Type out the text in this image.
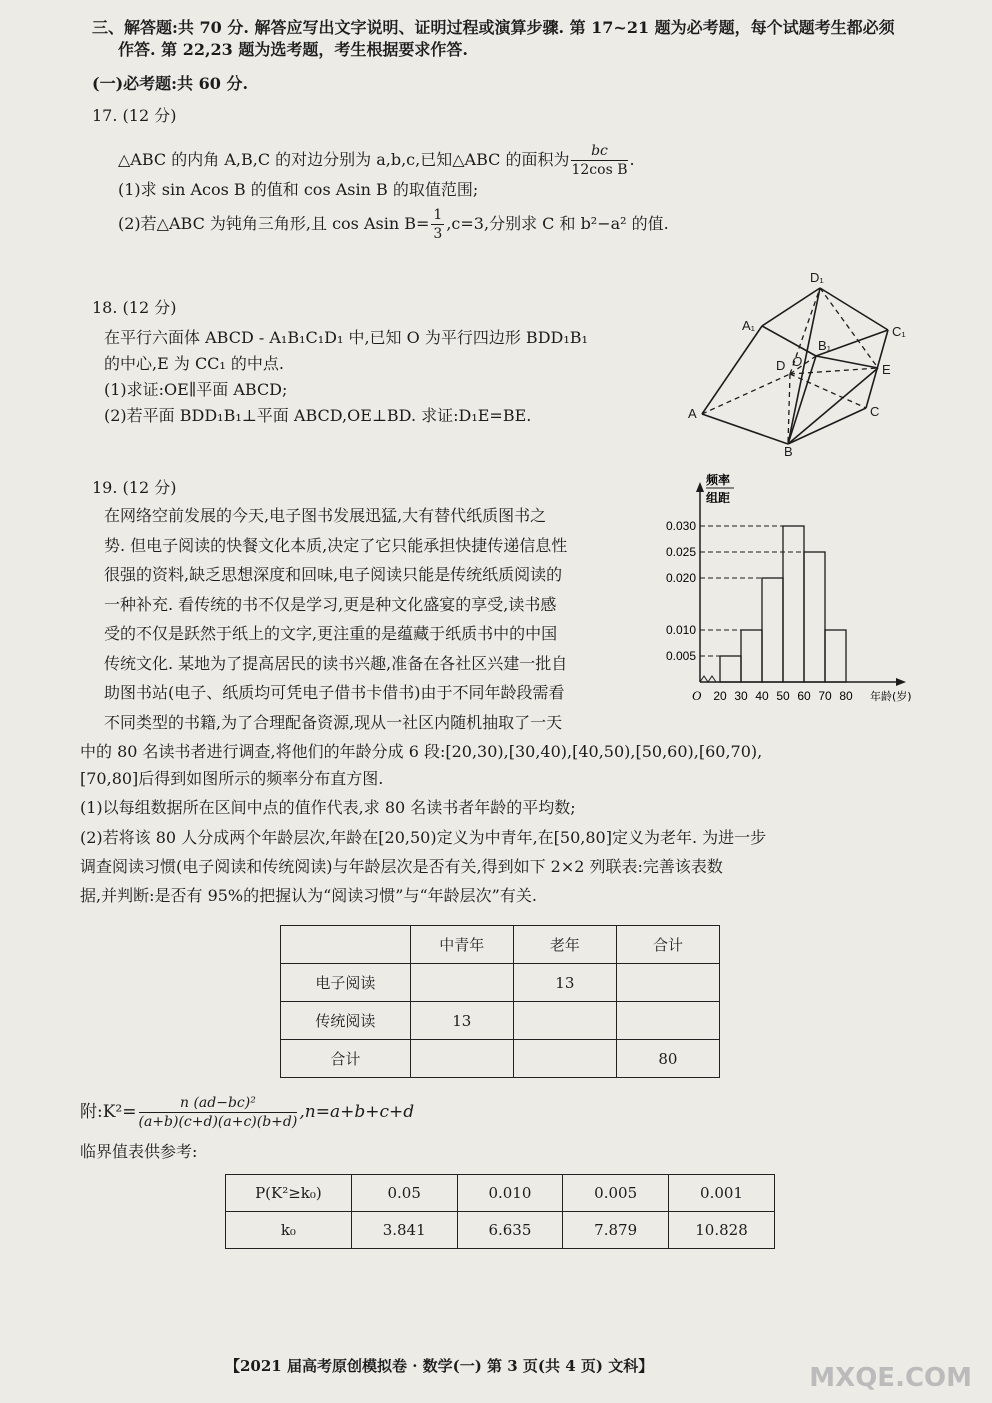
三、解答题:共 70 分. 解答应写出文字说明、证明过程或演算步骤. 第 17~21 题为必考题，每个试题考生都必须
作答. 第 22,23 题为选考题，考生根据要求作答.
(一)必考题:共 60 分.
17. (12 分)
△ABC 的内角 A,B,C 的对边分别为 a,b,c,已知△ABC 的面积为 $\frac{bc}{\text{12cos B}}$ .
(1)求 sin Acos B 的值和 cos Asin B 的取值范围;
(2)若△ABC 为钝角三角形,且 cos Asin $B= \frac{1}{3} ,c=3$,分别求 C 和 b²−a² 的值.
18. (12 分)
在平行六面体 ABCD - A₁B₁C₁D₁ 中,已知 O 为平行四边形 BDD₁B₁
的中心,E 为 CC₁ 的中点.
(1)求证:OE∥平面 ABCD;
(2)若平面 BDD₁B₁⊥平面 ABCD,OE⊥BD. 求证:D₁E=BE.
D₁
A₁	C₁
B₁
D O
E
A	C
B
19. (12 分)
在网络空前发展的今天,电子图书发展迅猛,大有替代纸质图书之
势. 但电子阅读的快餐文化本质,决定了它只能承担快捷传递信息性
很强的资料,缺乏思想深度和回味,电子阅读只能是传统纸质阅读的
一种补充. 看传统的书不仅是学习,更是种文化盛宴的享受,读书感
受的不仅是跃然于纸上的文字,更注重的是蕴藏于纸质书中的中国
传统文化. 某地为了提高居民的读书兴趣,准备在各社区兴建一批自
助图书站(电子、纸质均可凭电子借书卡借书)由于不同年龄段需看
不同类型的书籍,为了合理配备资源,现从一社区内随机抽取了一天
中的 80 名读书者进行调查,将他们的年龄分成 6 段:[20,30),[30,40),[40,50),[50,60),[60,70),
[70,80]后得到如图所示的频率分布直方图.
(1)以每组数据所在区间中点的值作代表,求 80 名读书者年龄的平均数;
(2)若将该 80 人分成两个年龄层次,年龄在[20,50)定义为中青年,在[50,80]定义为老年. 为进一步
调查阅读习惯(电子阅读和传统阅读)与年龄层次是否有关,得到如下 2×2 列联表:完善该表数
据,并判断:是否有 95%的把握认为“阅读习惯”与“年龄层次”有关.
频率
组距
0.005
0.010
0.020
0.025
0.030
20 30 40 50 60 70 80
O	年龄(岁)
	中青年	老年	合计
电子阅读		13	
传统阅读	13		
合计			80
附:K²= $\frac{\text{n (ad−bc)²}}{(a+b)(c+d)(a+c)(b+d)} ,n=a+b+c+d$
临界值表供参考:
P(K²≥k₀)	0.05	0.010	0.005	0.001
k₀	3.841	6.635	7.879	10.828
【2021 届高考原创模拟卷 · 数学(一) 第 3 页(共 4 页) 文科】	MXQE.COM
